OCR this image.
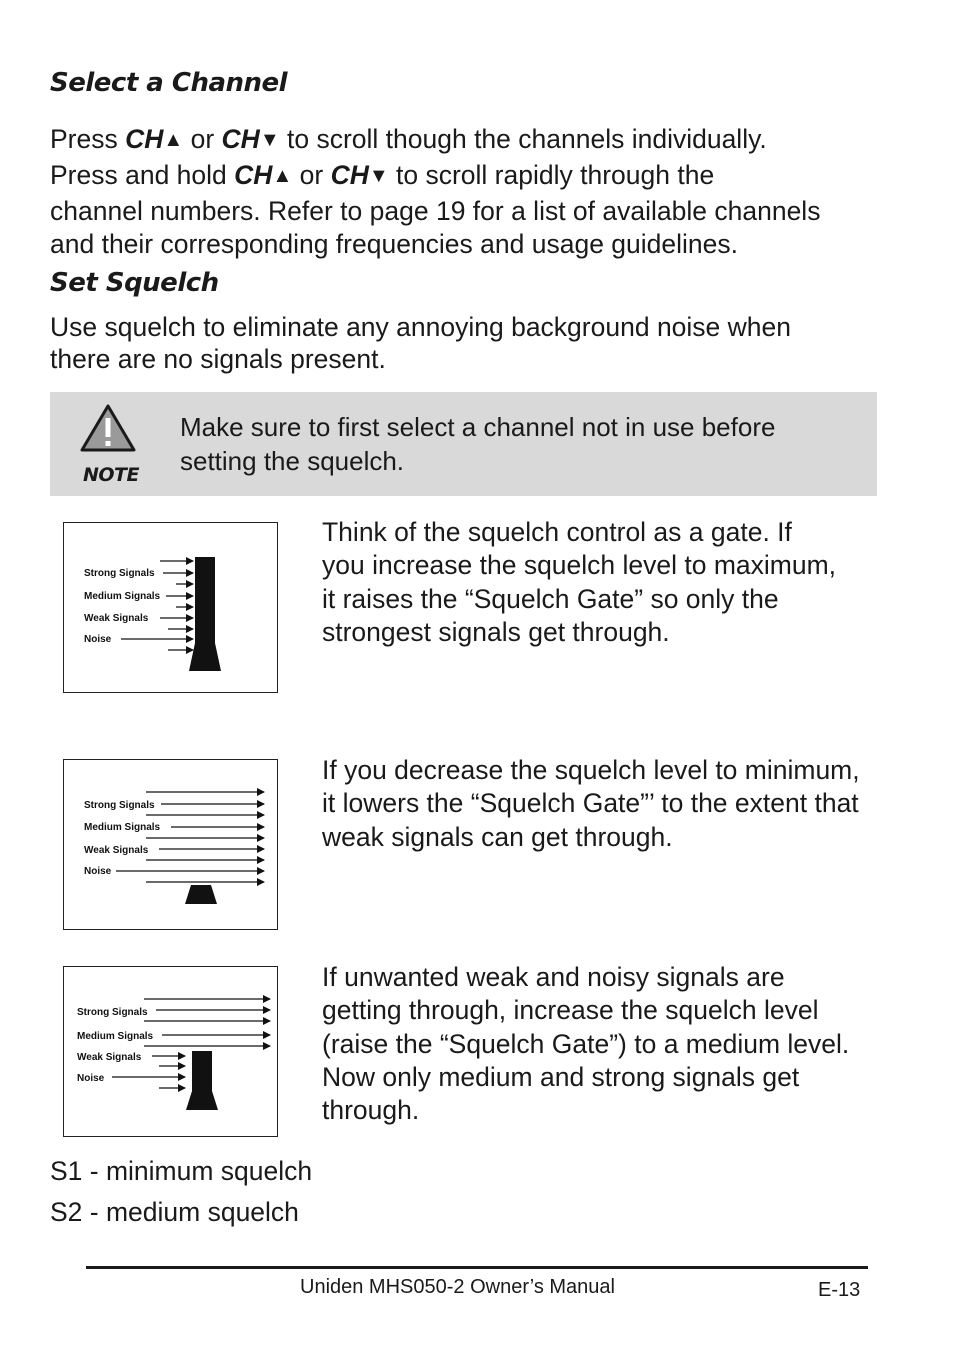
Select a Channel
Press CH▲ or CH▼ to scroll though the channels individually.
Press and hold CH▲ or CH▼ to scroll rapidly through the
channel numbers. Refer to page 19 for a list of available channels
and their corresponding frequencies and usage guidelines.
Set Squelch
Use squelch to eliminate any annoying background noise when
there are no signals present.
NOTE
Make sure to first select a channel not in use before
setting the squelch.
Strong Signals
Medium Signals
Weak Signals
Noise
Think of the squelch control as a gate. If
you increase the squelch level to maximum,
it raises the “Squelch Gate” so only the
strongest signals get through.
Strong Signals
Medium Signals
Weak Signals
Noise
If you decrease the squelch level to minimum,
it lowers the “Squelch Gate”’ to the extent that
weak signals can get through.
Strong Signals
Medium Signals
Weak Signals
Noise
If unwanted weak and noisy signals are
getting through, increase the squelch level
(raise the “Squelch Gate”) to a medium level.
Now only medium and strong signals get
through.
S1 - minimum squelch
S2 - medium squelch
Uniden MHS050-2 Owner’s Manual	E-13
